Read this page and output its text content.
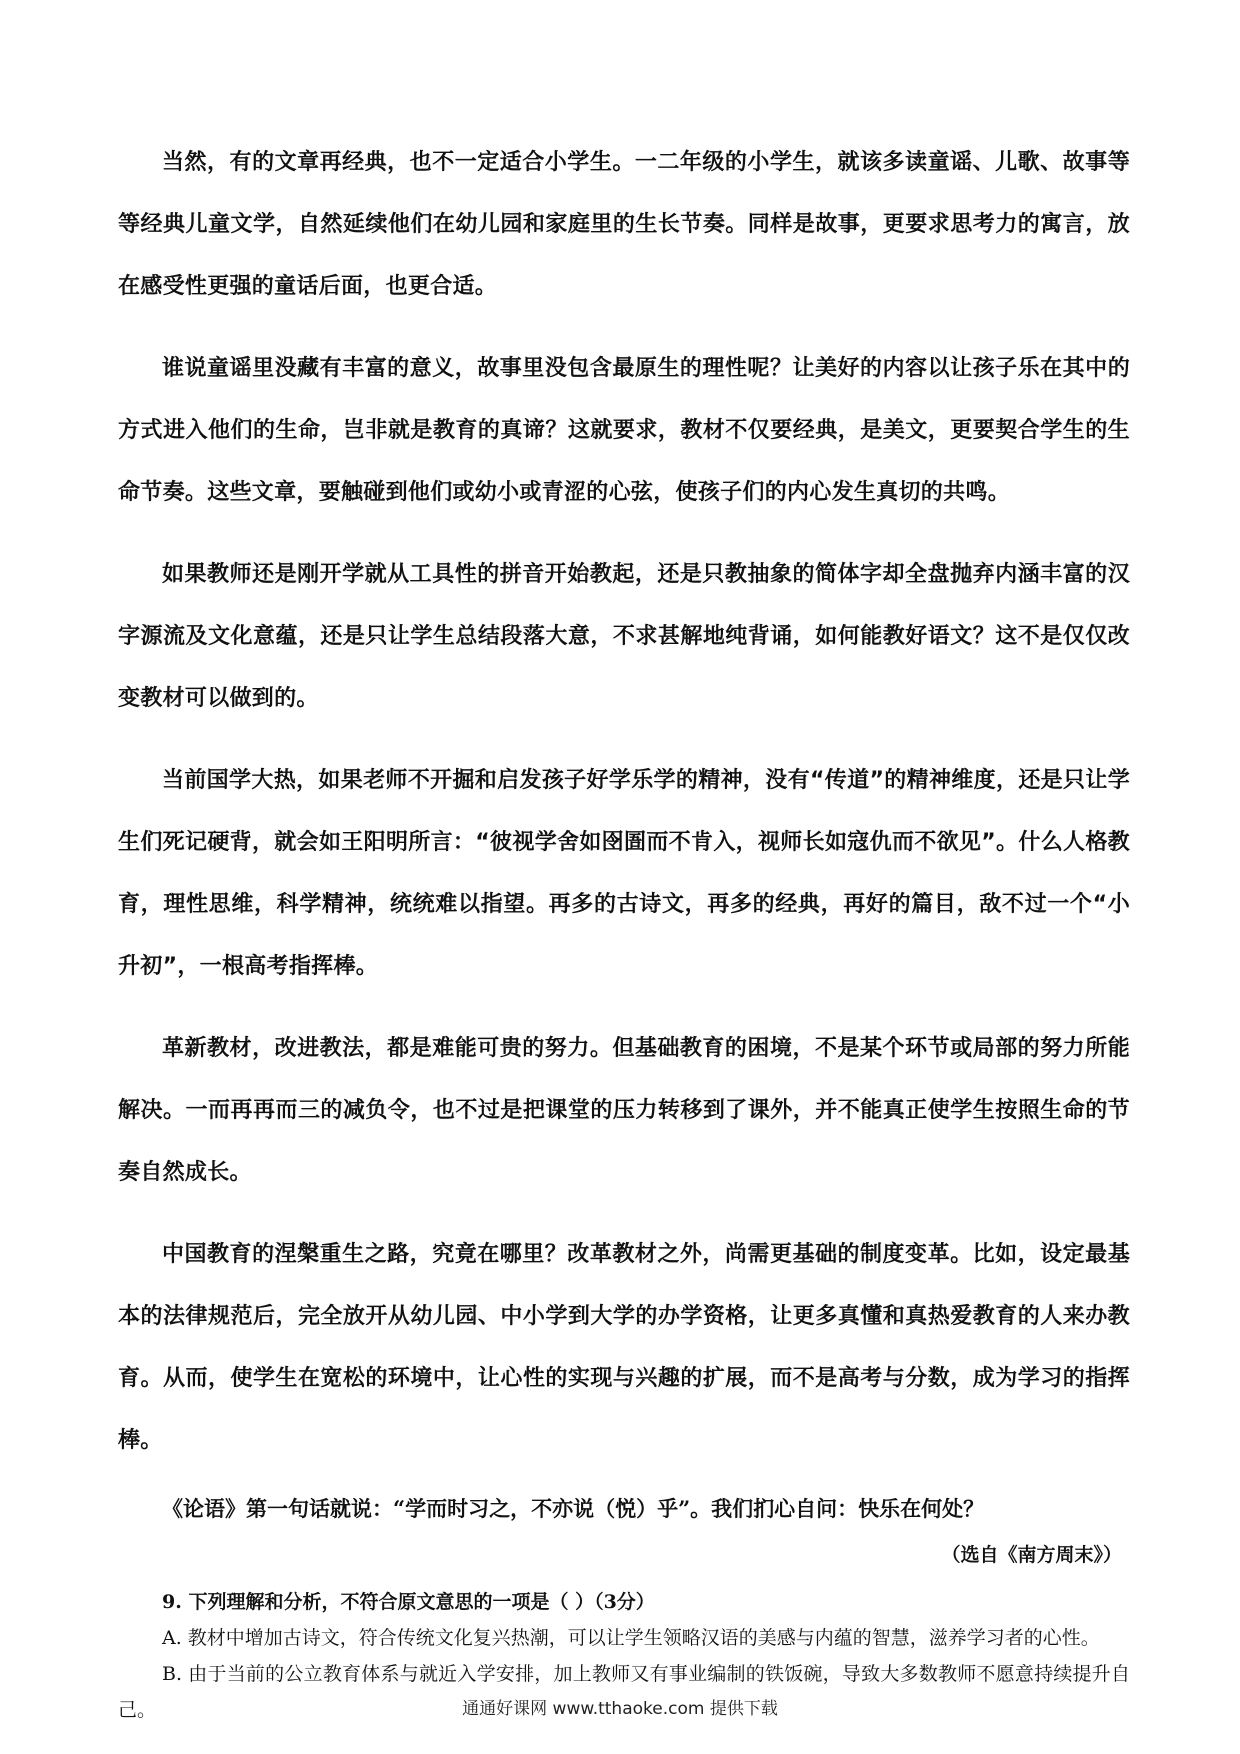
当然，有的文章再经典，也不一定适合小学生。一二年级的小学生，就该多读童谣、儿歌、故事等等经典儿童文学，自然延续他们在幼儿园和家庭里的生长节奏。同样是故事，更要求思考力的寓言，放在感受性更强的童话后面，也更合适。

谁说童谣里没藏有丰富的意义，故事里没包含最原生的理性呢？让美好的内容以让孩子乐在其中的方式进入他们的生命，岂非就是教育的真谛？这就要求，教材不仅要经典，是美文，更要契合学生的生命节奏。这些文章，要触碰到他们或幼小或青涩的心弦，使孩子们的内心发生真切的共鸣。

如果教师还是刚开学就从工具性的拼音开始教起，还是只教抽象的简体字却全盘抛弃内涵丰富的汉字源流及文化意蕴，还是只让学生总结段落大意，不求甚解地纯背诵，如何能教好语文？这不是仅仅改变教材可以做到的。

当前国学大热，如果老师不开掘和启发孩子好学乐学的精神，没有“传道”的精神维度，还是只让学生们死记硬背，就会如王阳明所言：“彼视学舍如囹圄而不肯入，视师长如寇仇而不欲见”。什么人格教育，理性思维，科学精神，统统难以指望。再多的古诗文，再多的经典，再好的篇目，敌不过一个“小升初”，一根高考指挥棒。

革新教材，改进教法，都是难能可贵的努力。但基础教育的困境，不是某个环节或局部的努力所能解决。一而再再而三的减负令，也不过是把课堂的压力转移到了课外，并不能真正使学生按照生命的节奏自然成长。

中国教育的涅槃重生之路，究竟在哪里？改革教材之外，尚需更基础的制度变革。比如，设定最基本的法律规范后，完全放开从幼儿园、中小学到大学的办学资格，让更多真懂和真热爱教育的人来办教育。从而，使学生在宽松的环境中，让心性的实现与兴趣的扩展，而不是高考与分数，成为学习的指挥棒。

《论语》第一句话就说：“学而时习之，不亦说（悦）乎”。我们扪心自问：快乐在何处？

（选自《南方周末》）

9. 下列理解和分析，不符合原文意思的一项是（ ）（3分）

A. 教材中增加古诗文，符合传统文化复兴热潮，可以让学生领略汉语的美感与内蕴的智慧，滋养学习者的心性。

B. 由于当前的公立教育体系与就近入学安排，加上教师又有事业编制的铁饭碗，导致大多数教师不愿意持续提升自己。	通通好课网 www.tthaoke.com 提供下载
